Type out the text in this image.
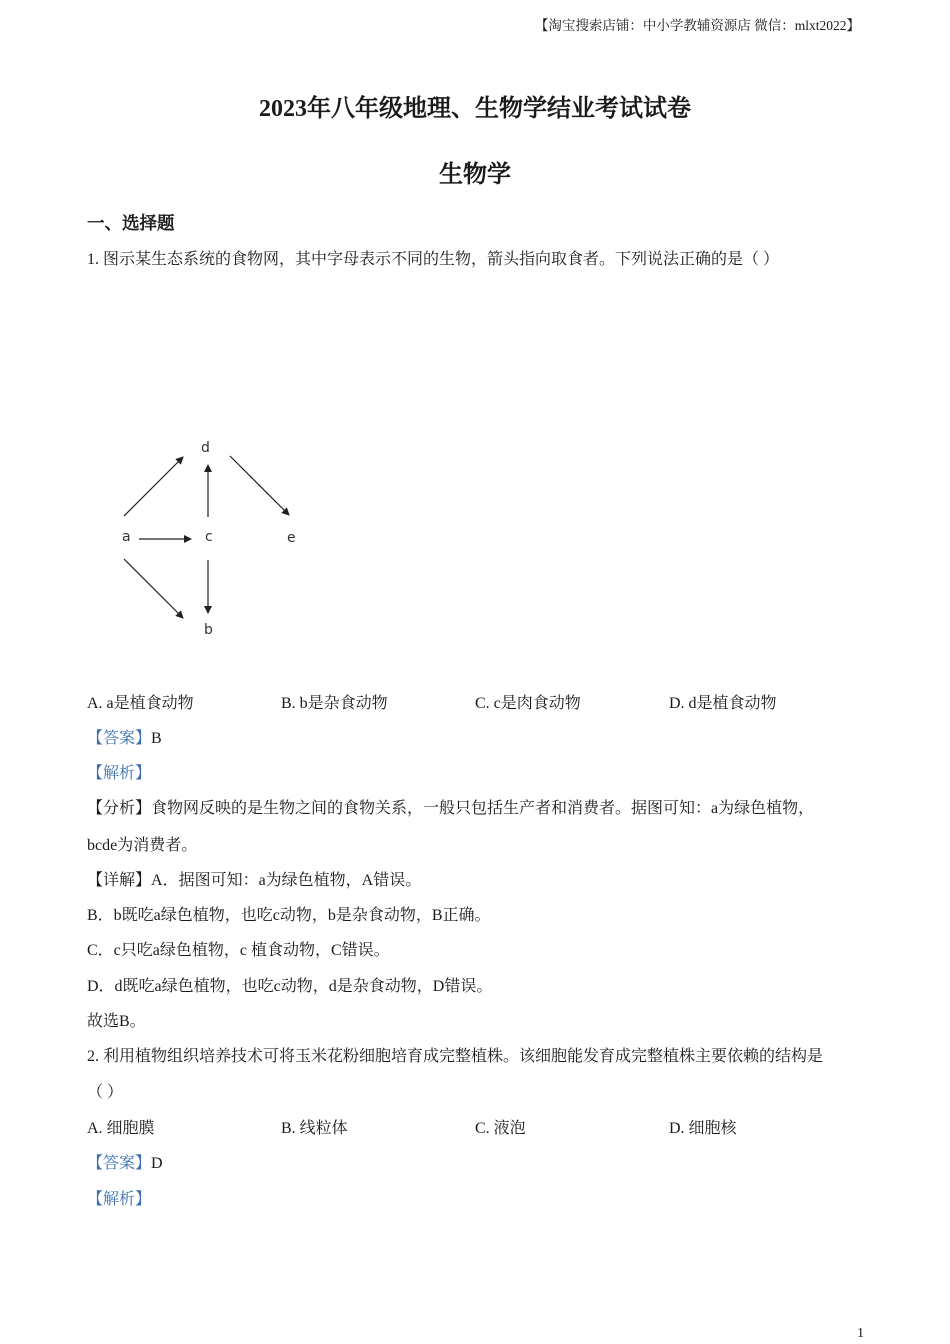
【淘宝搜索店铺：中小学教辅资源店 微信：mlxt2022】
2023年八年级地理、生物学结业考试试卷
生物学
一、选择题
1. 图示某生态系统的食物网，其中字母表示不同的生物，箭头指向取食者。下列说法正确的是（ ）
a
b
c
d
e
A. a是植食动物	B. b是杂食动物	C. c是肉食动物	D. d是植食动物
【答案】B
【解析】
【分析】食物网反映的是生物之间的食物关系，一般只包括生产者和消费者。据图可知：a为绿色植物，
bcde为消费者。
【详解】A．据图可知：a为绿色植物，A错误。
B．b既吃a绿色植物，也吃c动物，b是杂食动物，B正确。
C．c只吃a绿色植物，c 植食动物，C错误。
D．d既吃a绿色植物，也吃c动物，d是杂食动物，D错误。
故选B。
2. 利用植物组织培养技术可将玉米花粉细胞培育成完整植株。该细胞能发育成完整植株主要依赖的结构是
（ ）
A. 细胞膜	B. 线粒体	C. 液泡	D. 细胞核
【答案】D
【解析】
1
